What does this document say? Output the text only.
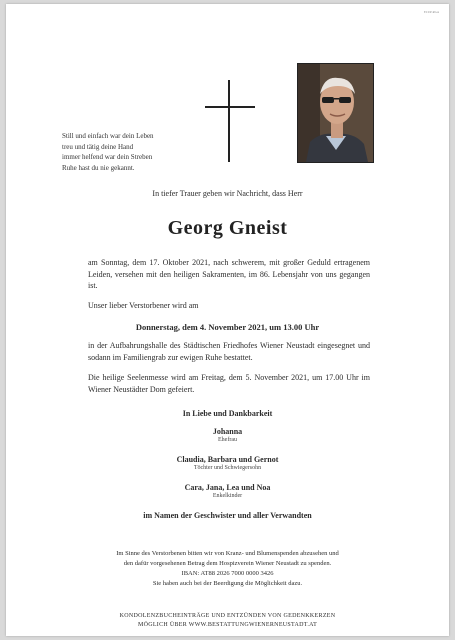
ECUP-RGA
Still und einfach war dein Leben
treu und tätig deine Hand
immer helfend war dein Streben
Ruhe hast du nie gekannt.
In tiefer Trauer geben wir Nachricht, dass Herr
Georg Gneist
am Sonntag, dem 17. Oktober 2021, nach schwerem, mit großer Geduld ertragenem Leiden, versehen mit den heiligen Sakramenten, im 86. Lebensjahr von uns gegangen ist.
Unser lieber Verstorbener wird am
Donnerstag, dem 4. November 2021, um 13.00 Uhr
in der Aufbahrungshalle des Städtischen Friedhofes Wiener Neustadt eingesegnet und sodann im Familiengrab zur ewigen Ruhe bestattet.
Die heilige Seelenmesse wird am Freitag, dem 5. November 2021, um 17.00 Uhr im Wiener Neustädter Dom gefeiert.
In Liebe und Dankbarkeit
Johanna
Ehefrau
Claudia, Barbara und Gernot
Töchter und Schwiegersohn
Cara, Jana, Lea und Noa
Enkelkinder
im Namen der Geschwister und aller Verwandten
Im Sinne des Verstorbenen bitten wir von Kranz- und Blumenspenden abzusehen und
den dafür vorgesehenen Betrag dem Hospizverein Wiener Neustadt zu spenden.
IBAN: AT88 2026 7000 0000 3426
Sie haben auch bei der Beerdigung die Möglichkeit dazu.
KONDOLENZBUCHEINTRÄGE UND ENTZÜNDEN VON GEDENKKERZEN
MÖGLICH ÜBER WWW.BESTATTUNGWIENERNEUSTADT.AT
